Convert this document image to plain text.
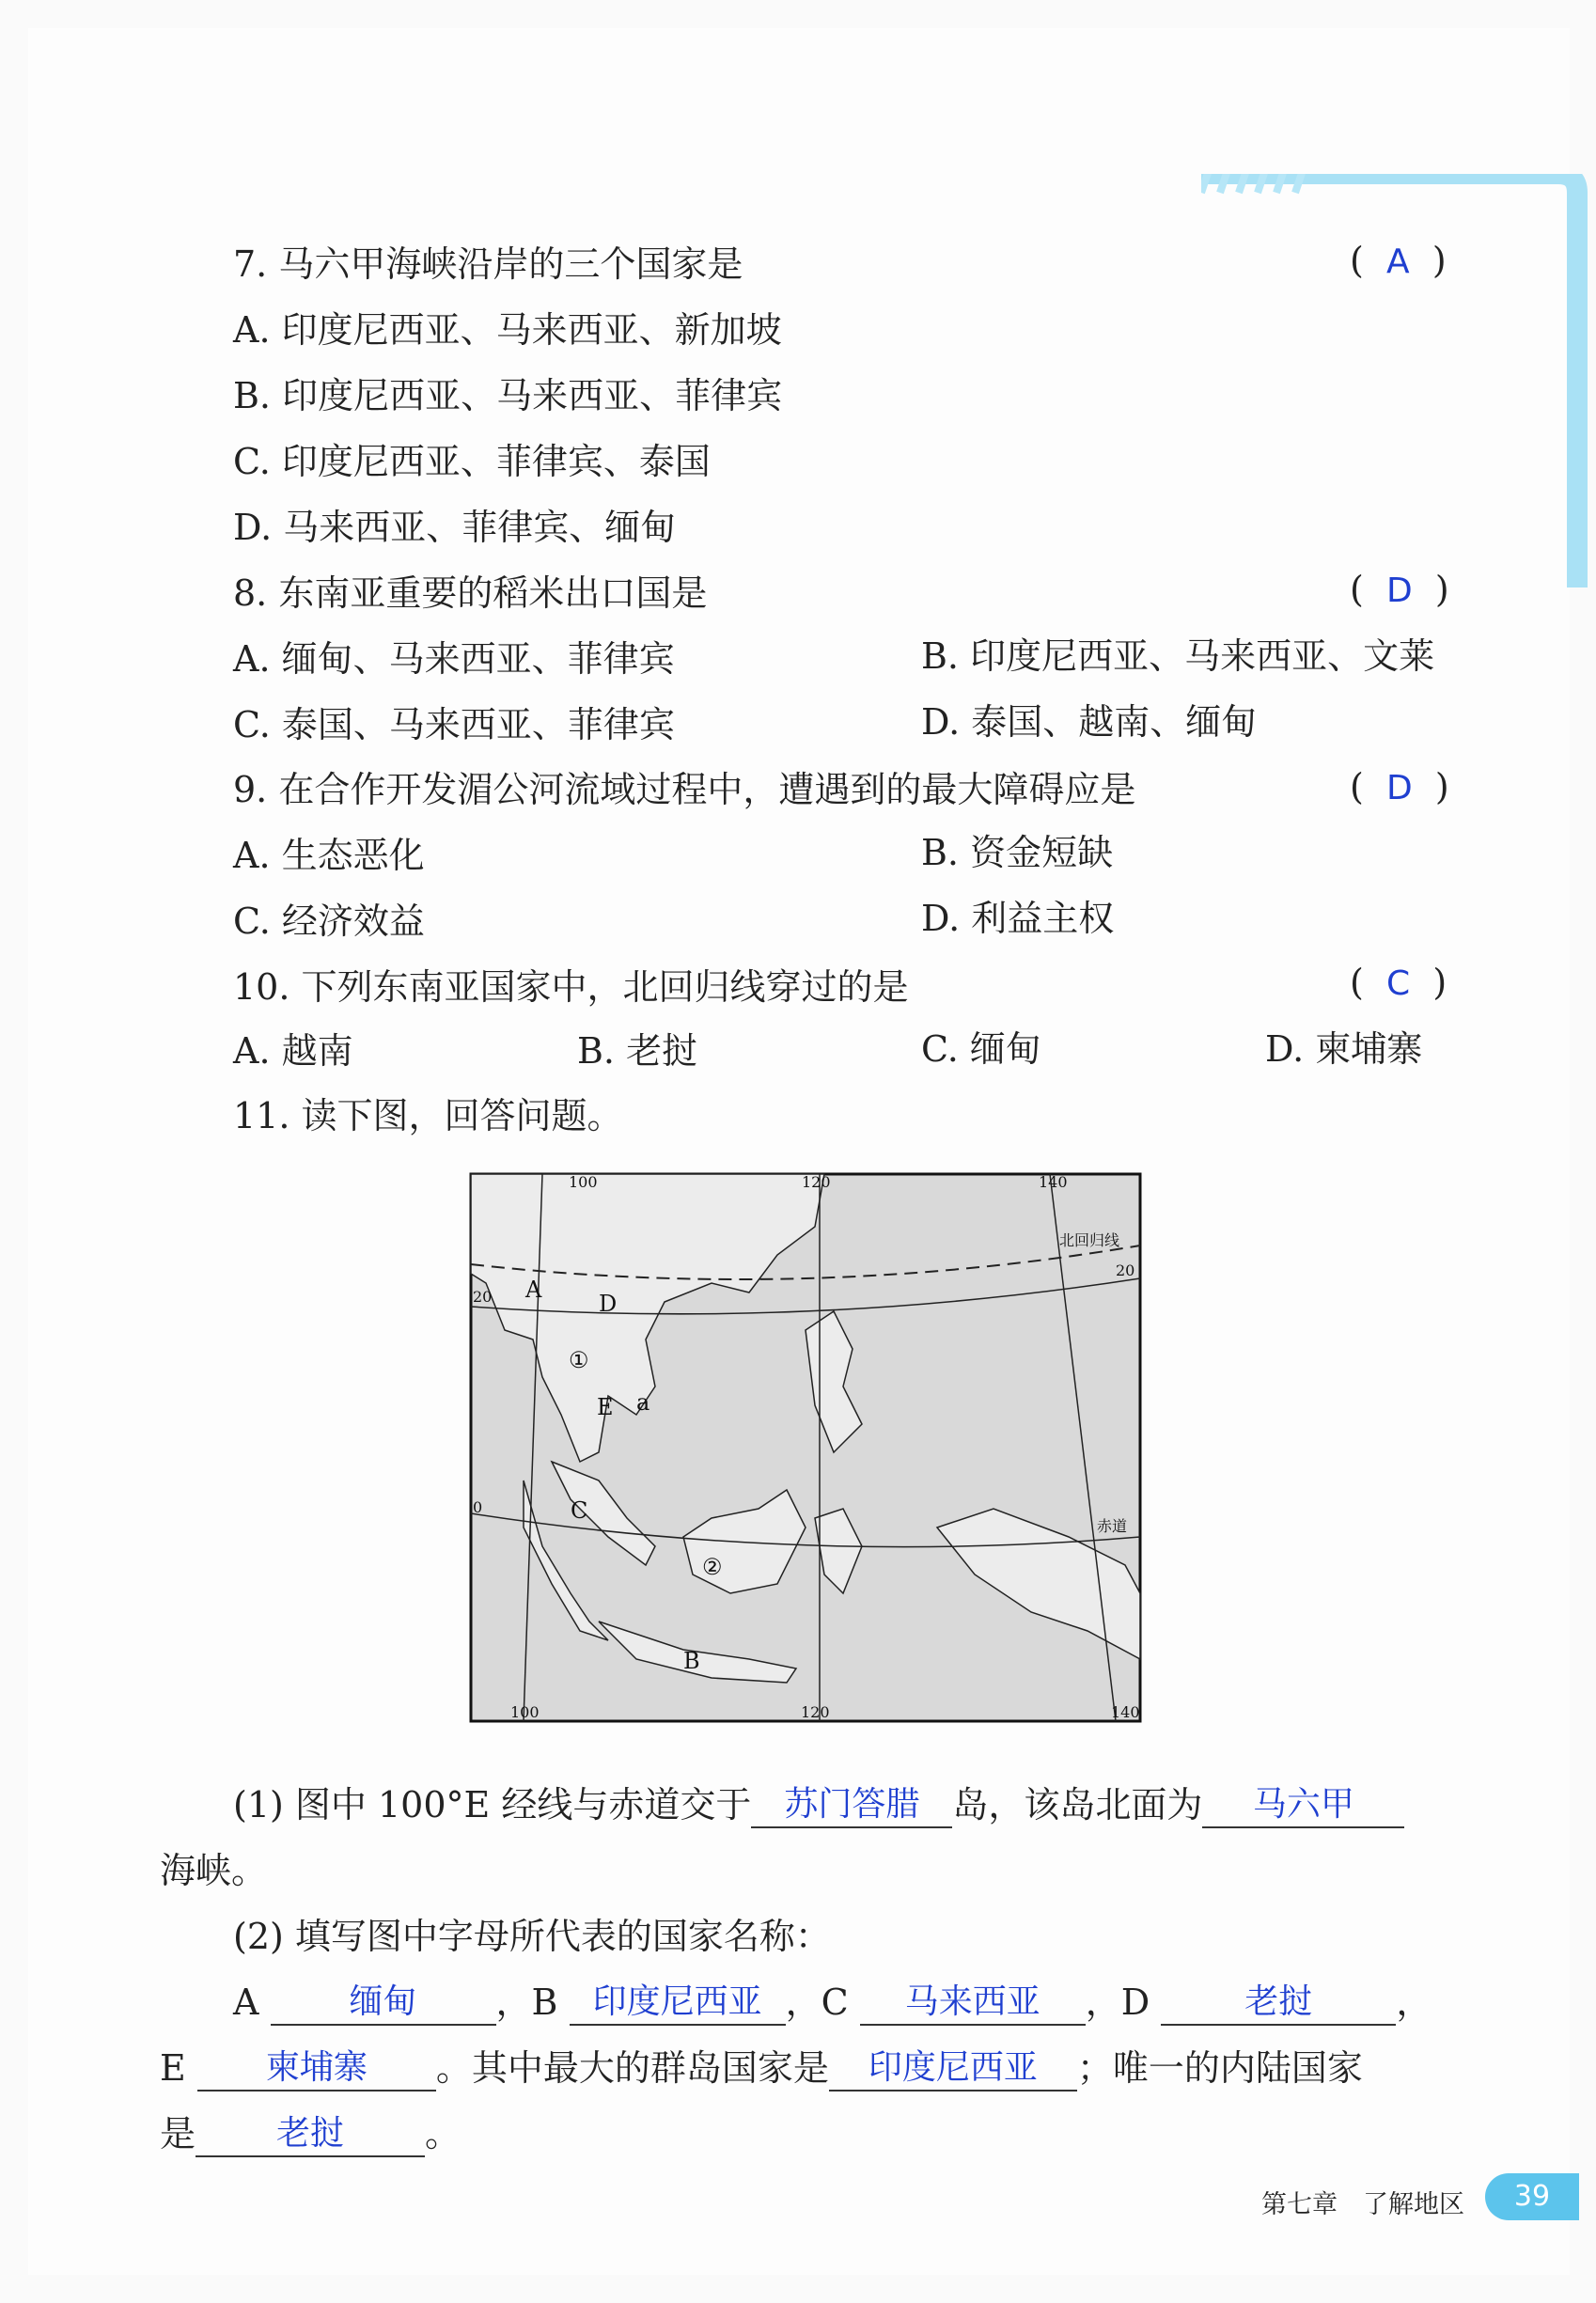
7. 马六甲海峡沿岸的三个国家是	( A )
A. 印度尼西亚、马来西亚、新加坡
B. 印度尼西亚、马来西亚、菲律宾
C. 印度尼西亚、菲律宾、泰国
D. 马来西亚、菲律宾、缅甸
8. 东南亚重要的稻米出口国是	( D )
A. 缅甸、马来西亚、菲律宾	B. 印度尼西亚、马来西亚、文莱
C. 泰国、马来西亚、菲律宾	D. 泰国、越南、缅甸
9. 在合作开发湄公河流域过程中，遭遇到的最大障碍应是	( D )
A. 生态恶化	B. 资金短缺
C. 经济效益	D. 利益主权
10. 下列东南亚国家中，北回归线穿过的是	( C )
A. 越南	B. 老挝	C. 缅甸	D. 柬埔寨
11. 读下图，回答问题。
100	120	140
100	120	140
20
0
20
北回归线
赤道
A
D
①
E a
C
②
B
(1) 图中 100°E 经线与赤道交于 苏门答腊 岛，该岛北面为 马六甲
海峡。
(2) 填写图中字母所代表的国家名称：
A	缅甸 ，B 印度尼西亚 ，C 马来西亚 ，D	老挝 ，
E 柬埔寨 。其中最大的群岛国家是 印度尼西亚 ；唯一的内陆国家
是 老挝 。
第七章 了解地区	39
